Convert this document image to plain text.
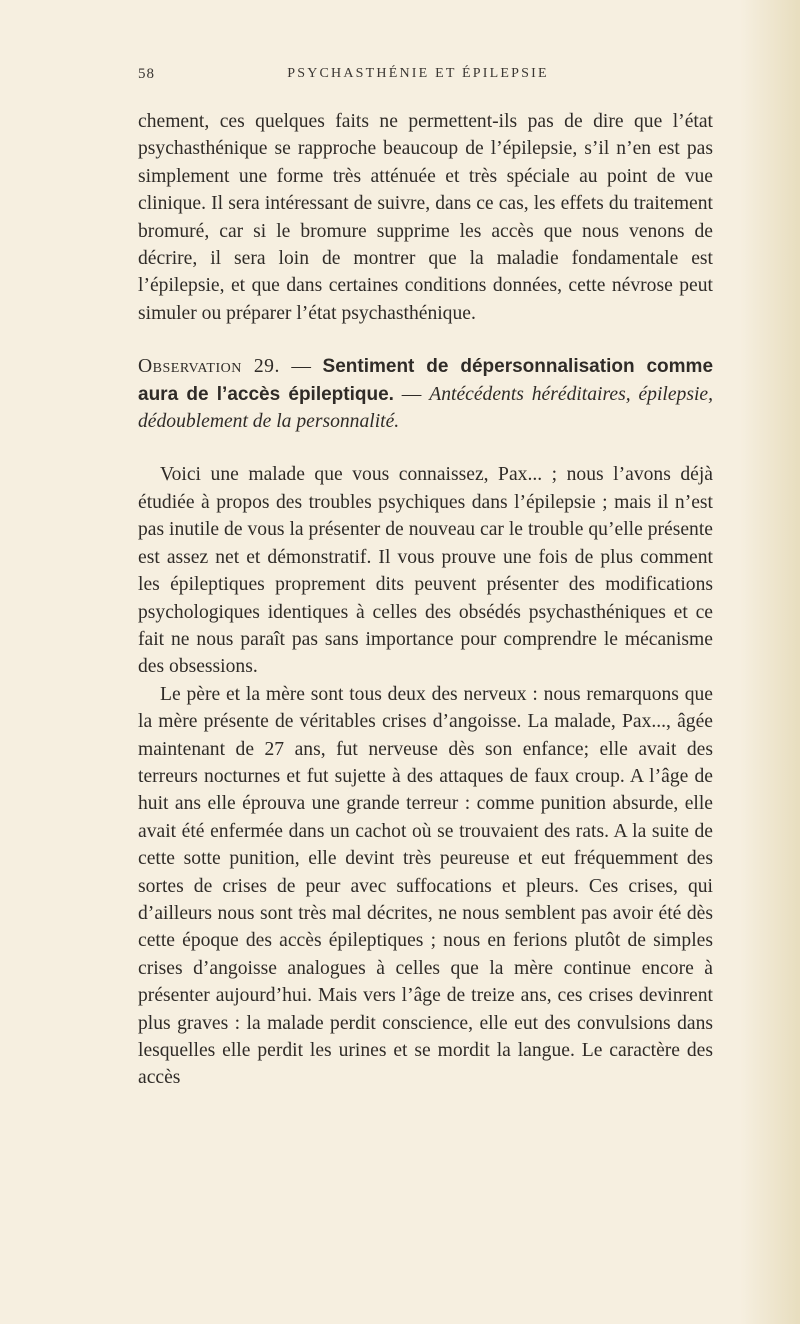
58	PSYCHASTHÉNIE ET ÉPILEPSIE

chement, ces quelques faits ne permettent-ils pas de dire que l’état psychasthénique se rapproche beaucoup de l’épilepsie, s’il n’en est pas simplement une forme très atténuée et très spéciale au point de vue clinique. Il sera intéressant de suivre, dans ce cas, les effets du traitement bromuré, car si le bromure supprime les accès que nous venons de décrire, il sera loin de montrer que la maladie fondamentale est l’épilepsie, et que dans certaines conditions données, cette névrose peut simuler ou préparer l’état psychasthénique.

Observation 29. — Sentiment de dépersonnalisation comme aura de l’accès épileptique. — Antécédents héréditaires, épilepsie, dédoublement de la personnalité.

Voici une malade que vous connaissez, Pax... ; nous l’avons déjà étudiée à propos des troubles psychiques dans l’épilepsie ; mais il n’est pas inutile de vous la présenter de nouveau car le trouble qu’elle présente est assez net et démonstratif. Il vous prouve une fois de plus comment les épileptiques proprement dits peuvent présenter des modifications psychologiques identiques à celles des obsédés psychasthéniques et ce fait ne nous paraît pas sans importance pour comprendre le mécanisme des obsessions.

Le père et la mère sont tous deux des nerveux : nous remarquons que la mère présente de véritables crises d’angoisse. La malade, Pax..., âgée maintenant de 27 ans, fut nerveuse dès son enfance; elle avait des terreurs nocturnes et fut sujette à des attaques de faux croup. A l’âge de huit ans elle éprouva une grande terreur : comme punition absurde, elle avait été enfermée dans un cachot où se trouvaient des rats. A la suite de cette sotte punition, elle devint très peureuse et eut fréquemment des sortes de crises de peur avec suffocations et pleurs. Ces crises, qui d’ailleurs nous sont très mal décrites, ne nous semblent pas avoir été dès cette époque des accès épileptiques ; nous en ferions plutôt de simples crises d’angoisse analogues à celles que la mère continue encore à présenter aujourd’hui. Mais vers l’âge de treize ans, ces crises devinrent plus graves : la malade perdit conscience, elle eut des convulsions dans lesquelles elle perdit les urines et se mordit la langue. Le caractère des accès
